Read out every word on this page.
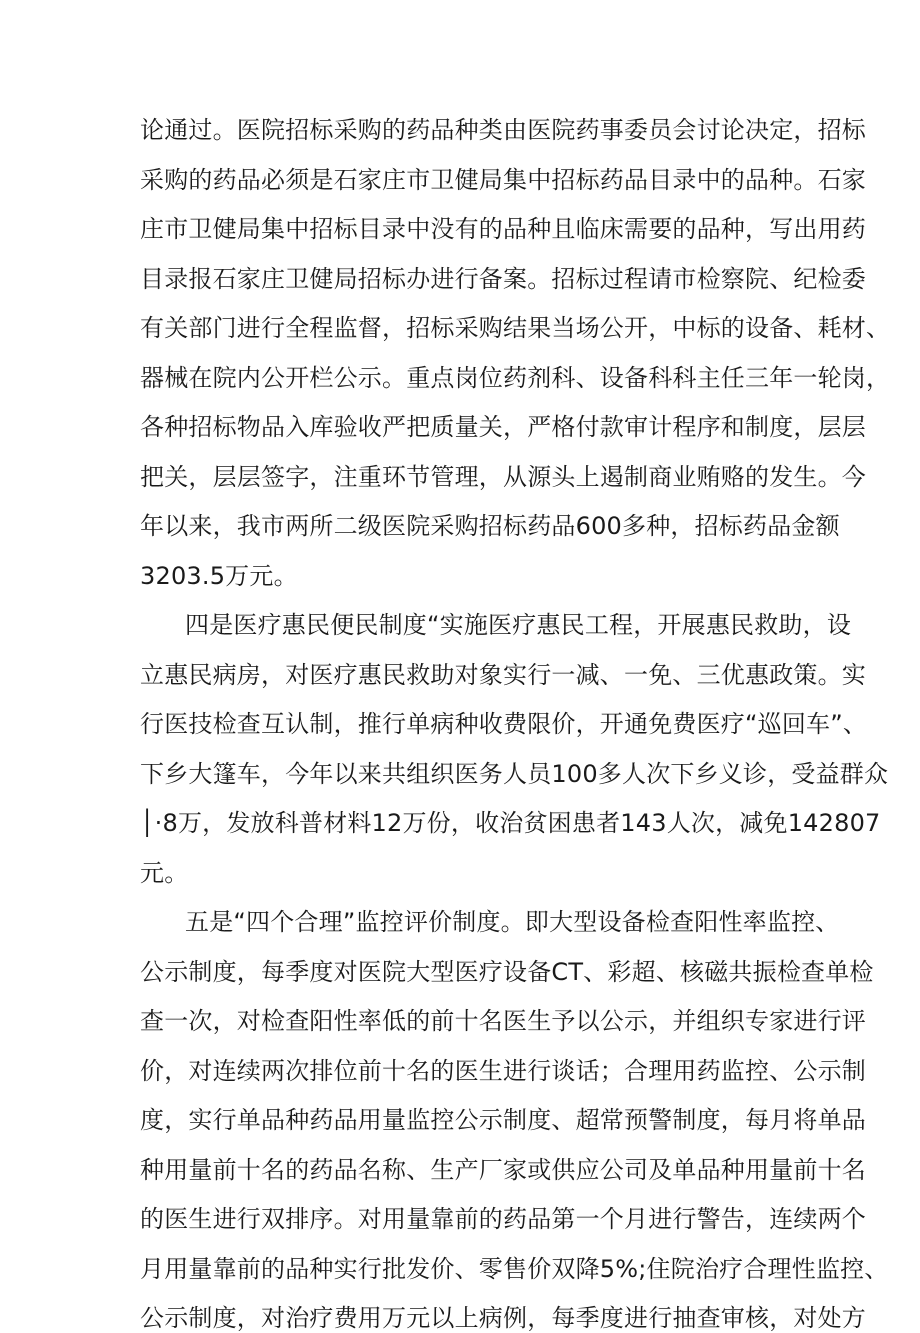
论通过。医院招标采购的药品种类由医院药事委员会讨论决定，招标
采购的药品必须是石家庄市卫健局集中招标药品目录中的品种。石家
庄市卫健局集中招标目录中没有的品种且临床需要的品种，写出用药
目录报石家庄卫健局招标办进行备案。招标过程请市检察院、纪检委
有关部门进行全程监督，招标采购结果当场公开，中标的设备、耗材、
器械在院内公开栏公示。重点岗位药剂科、设备科科主任三年一轮岗，
各种招标物品入库验收严把质量关，严格付款审计程序和制度，层层
把关，层层签字，注重环节管理，从源头上遏制商业贿赂的发生。今
年以来，我市两所二级医院采购招标药品600多种，招标药品金额
3203.5万元。
四是医疗惠民便民制度“实施医疗惠民工程，开展惠民救助，设
立惠民病房，对医疗惠民救助对象实行一减、一免、三优惠政策。实
行医技检查互认制，推行单病种收费限价，开通免费医疗“巡回车”、
下乡大篷车，今年以来共组织医务人员100多人次下乡义诊，受益群众
│·8万，发放科普材料12万份，收治贫困患者143人次，减免142807
元。
五是“四个合理”监控评价制度。即大型设备检查阳性率监控、
公示制度，每季度对医院大型医疗设备CT、彩超、核磁共振检查单检
查一次，对检查阳性率低的前十名医生予以公示，并组织专家进行评
价，对连续两次排位前十名的医生进行谈话；合理用药监控、公示制
度，实行单品种药品用量监控公示制度、超常预警制度，每月将单品
种用量前十名的药品名称、生产厂家或供应公司及单品种用量前十名
的医生进行双排序。对用量靠前的药品第一个月进行警告，连续两个
月用量靠前的品种实行批发价、零售价双降5%;住院治疗合理性监控、
公示制度，对治疗费用万元以上病例，每季度进行抽查审核，对处方
